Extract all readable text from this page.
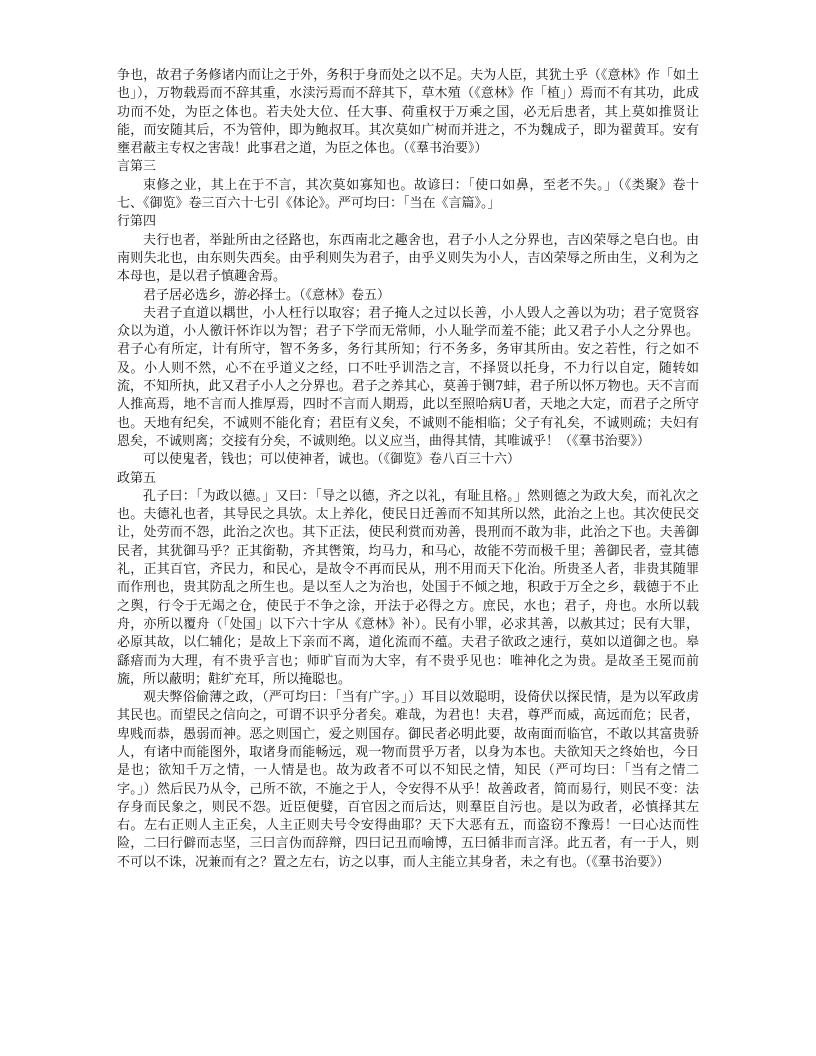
争也，故君子务修诸内而让之于外，务积于身而处之以不足。夫为人臣，其犹土乎（《意林》作「如土也」），万物载焉而不辞其重，水渎污焉而不辞其下，草木殖（《意林》作「植」）焉而不有其功，此成功而不处，为臣之体也。若夫处大位、任大事、荷重权于万乘之国，必无后患者，其上莫如推贤让能，而安随其后，不为管仲，即为鲍叔耳。其次莫如广树而并进之，不为魏成子，即为翟黄耳。安有壅君蔽主专权之害哉！此事君之道，为臣之体也。（《羣书治要》）

言第三

束修之业，其上在于不言，其次莫如寡知也。故谚曰：「使口如鼻，至老不失。」（《类聚》卷十七、《御览》卷三百六十七引《体论》。严可均曰：「当在《言篇》。」

行第四

夫行也者，举趾所由之径路也，东西南北之趣舍也，君子小人之分界也，吉凶荣辱之皂白也。由南则失北也，由东则失西矣。由乎利则失为君子，由乎义则失为小人，吉凶荣辱之所由生，义利为之本母也，是以君子慎趣舍焉。

君子居必选乡，游必择士。（《意林》卷五）

夫君子直道以耦世，小人枉行以取容；君子掩人之过以长善，小人毁人之善以为功；君子宽贤容众以为道，小人徼讦怀诈以为智；君子下学而无常师，小人耻学而羞不能；此又君子小人之分界也。君子心有所定，计有所守，智不务多，务行其所知；行不务多，务审其所由。安之若性，行之如不及。小人则不然，心不在乎道义之经，口不吐乎训浩之言，不择贤以托身，不力行以自定，随转如流，不知所执，此又君子小人之分界也。君子之养其心，莫善于铡7蚌，君子所以怀万物也。天不言而人推高焉，地不言而人推厚焉，四时不言而人期焉，此以至照哈病U者，天地之大定，而君子之所守也。天地有纪矣，不诚则不能化育；君臣有义矣，不诚则不能相临；父子有礼矣，不诚则疏；夫妇有恩矣，不诚则离；交接有分矣，不诚则绝。以义应当，曲得其情，其唯诚乎！（《羣书治要》）

可以使鬼者，钱也；可以使神者，诚也。（《御览》卷八百三十六）

政第五

孔子曰：「为政以德。」又曰：「导之以德，齐之以礼，有耻且格。」然则德之为政大矣，而礼次之也。夫德礼也者，其导民之具欤。太上养化，使民日迁善而不知其所以然，此治之上也。其次使民交让，处劳而不怨，此治之次也。其下正法，使民利赏而劝善，畏刑而不敢为非，此治之下也。夫善御民者，其犹御马乎？正其銜勒，齐其辔策，均马力，和马心，故能不劳而极千里；善御民者，壹其德礼，正其百官，齐民力，和民心，是故令不再而民从，刑不用而天下化治。所贵圣人者，非贵其随罪而作刑也，贵其防乱之所生也。是以至人之为治也，处国于不倾之地，积政于万全之乡，载德于不止之舆，行令于无竭之仓，使民于不争之涂，开法于必得之方。庶民，水也；君子，舟也。水所以载舟，亦所以覆舟（「处国」以下六十字从《意林》补）。民有小罪，必求其善，以赦其过；民有大罪，必原其故，以仁辅化；是故上下亲而不离，道化流而不蕴。夫君子欲政之速行，莫如以道御之也。皋繇瘖而为大理，有不贵乎言也；师旷盲而为大宰，有不贵乎见也：唯神化之为贵。是故圣王冕而前旒，所以蔽明；黈纩充耳，所以掩聪也。

观夫弊俗偷薄之政，（严可均曰：「当有广字。」）耳目以效聪明，设倚伏以探民情，是为以军政虏其民也。而望民之信向之，可谓不识乎分者矣。难哉，为君也！夫君，尊严而威，高远而危；民者，卑贱而恭，愚弱而神。恶之则国亡，爱之则国存。御民者必明此要，故南面而临官，不敢以其富贵骄人，有诸中而能图外，取诸身而能畅远，观一物而贯乎万者，以身为本也。夫欲知天之终始也，今日是也；欲知千万之情，一人情是也。故为政者不可以不知民之情，知民（严可均曰：「当有之情二字。」）然后民乃从令，己所不欲，不施之于人，令安得不从乎！故善政者，简而易行，则民不变：法存身而民象之，则民不怨。近臣便嬖，百官因之而后达，则羣臣自污也。是以为政者，必慎择其左右。左右正则人主正矣，人主正则夫号令安得曲耶？天下大恶有五，而盗窃不豫焉！一曰心达而性险，二曰行僻而志坚，三曰言伪而辞辩，四曰记丑而喻博，五曰循非而言泽。此五者，有一于人，则不可以不诛，况兼而有之？置之左右，访之以事，而人主能立其身者，未之有也。（《羣书治要》）
